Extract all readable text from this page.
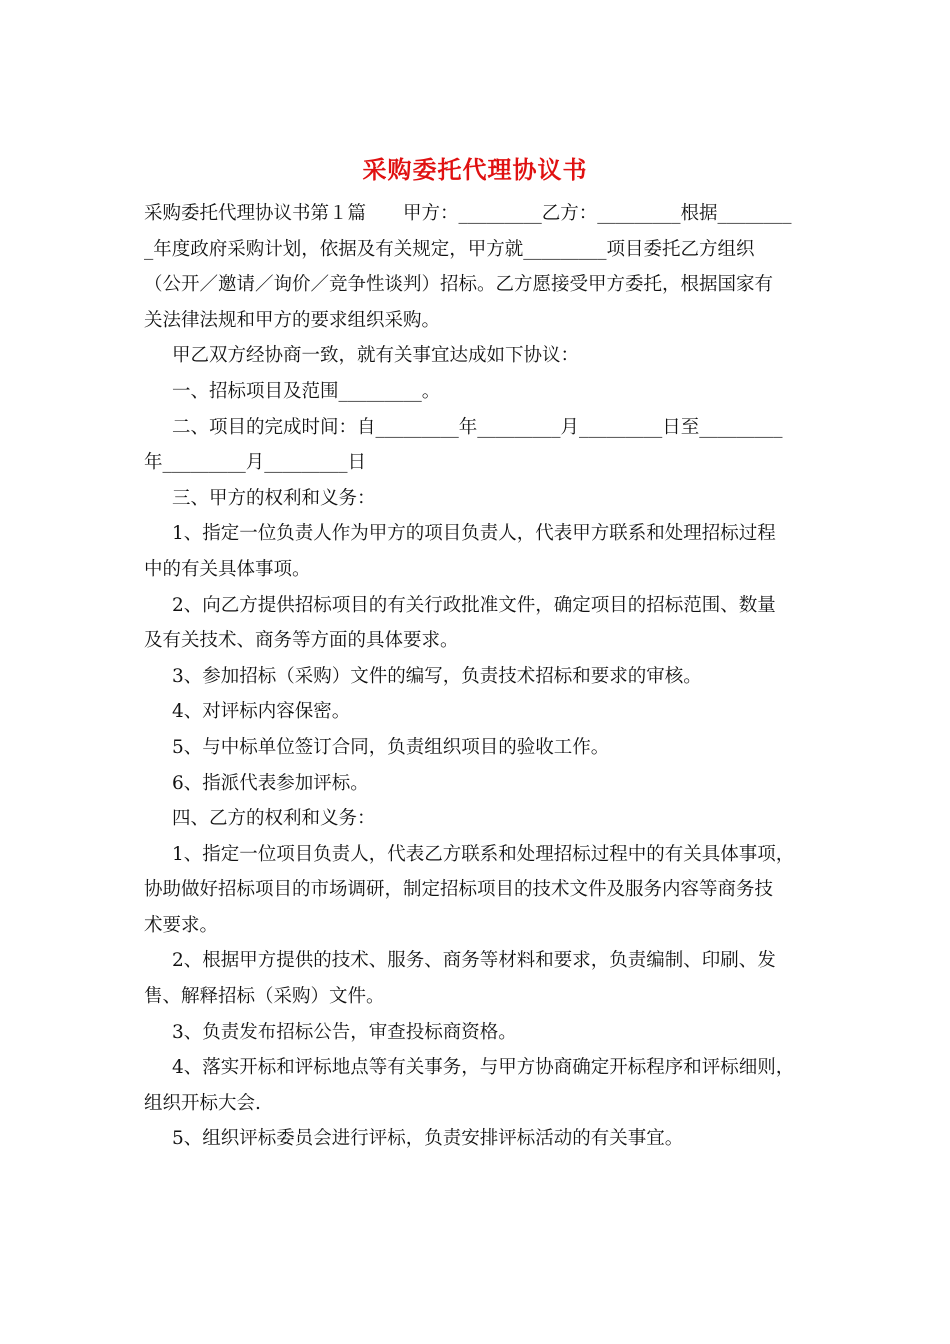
采购委托代理协议书
采购委托代理协议书第１篇　　甲方：_________乙方：_________根据________
_年度政府采购计划，依据及有关规定，甲方就_________项目委托乙方组织
（公开／邀请／询价／竞争性谈判）招标。乙方愿接受甲方委托，根据国家有
关法律法规和甲方的要求组织采购。
甲乙双方经协商一致，就有关事宜达成如下协议：
一、招标项目及范围_________。
二、项目的完成时间：自_________年_________月_________日至_________
年_________月_________日
三、甲方的权利和义务：
1、指定一位负责人作为甲方的项目负责人，代表甲方联系和处理招标过程
中的有关具体事项。
2、向乙方提供招标项目的有关行政批准文件，确定项目的招标范围、数量
及有关技术、商务等方面的具体要求。
3、参加招标（采购）文件的编写，负责技术招标和要求的审核。
4、对评标内容保密。
5、与中标单位签订合同，负责组织项目的验收工作。
6、指派代表参加评标。
四、乙方的权利和义务：
1、指定一位项目负责人，代表乙方联系和处理招标过程中的有关具体事项，
协助做好招标项目的市场调研，制定招标项目的技术文件及服务内容等商务技
术要求。
2、根据甲方提供的技术、服务、商务等材料和要求，负责编制、印刷、发
售、解释招标（采购）文件。
3、负责发布招标公告，审查投标商资格。
4、落实开标和评标地点等有关事务，与甲方协商确定开标程序和评标细则，
组织开标大会.
5、组织评标委员会进行评标，负责安排评标活动的有关事宜。
